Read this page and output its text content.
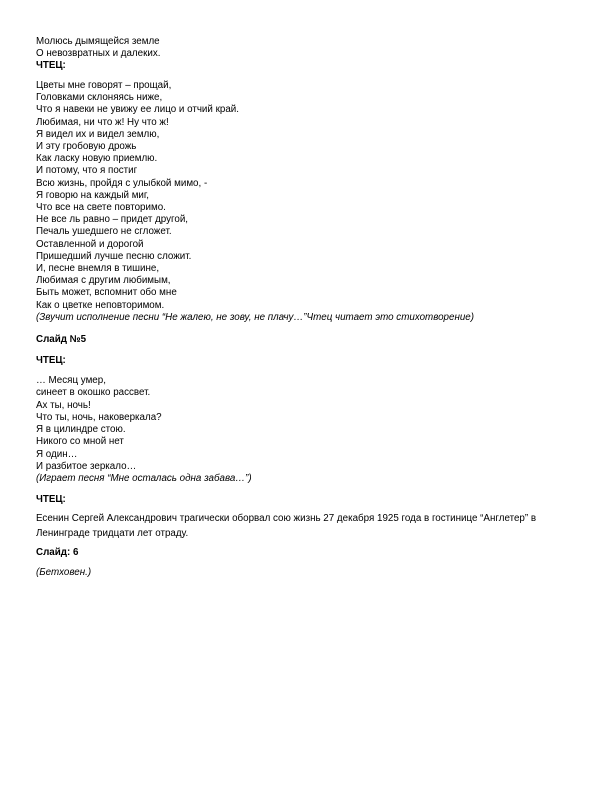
Молюсь дымящейся земле

О невозвратных и далеких.

ЧТЕЦ:

Цветы мне говорят – прощай,

Головками склоняясь ниже,

Что я навеки не увижу ее лицо и отчий край.

Любимая, ни что ж! Ну что ж!

Я видел их и видел землю,

И эту гробовую дрожь

Как ласку новую приемлю.

И потому, что я постиг

Всю жизнь, пройдя с улыбкой мимо, -

Я говорю на каждый миг,

Что все на свете повторимо.

Не все ль равно – придет другой,

Печаль ушедшего не сгложет.

Оставленной и дорогой

Пришедший лучше песню сложит.

И, песне внемля в тишине,

Любимая с другим любимым,

Быть может, вспомнит обо мне

Как о цветке неповторимом.

(Звучит исполнение песни “Не жалею, не зову, не плачу…”Чтец читает это стихотворение)

Слайд №5

ЧТЕЦ:

… Месяц умер,

синеет в окошко рассвет.

Ах ты, ночь!

Что ты, ночь, наковеркала?

Я в цилиндре стою.

Никого со мной нет

Я один…

И разбитое зеркало…

(Играет песня “Мне осталась одна забава…”)

ЧТЕЦ:

Есенин Сергей Александрович трагически оборвал сою жизнь 27 декабря 1925 года в гостинице “Англетер” в Ленинграде тридцати лет отраду.

Слайд: 6

(Бетховен.)
